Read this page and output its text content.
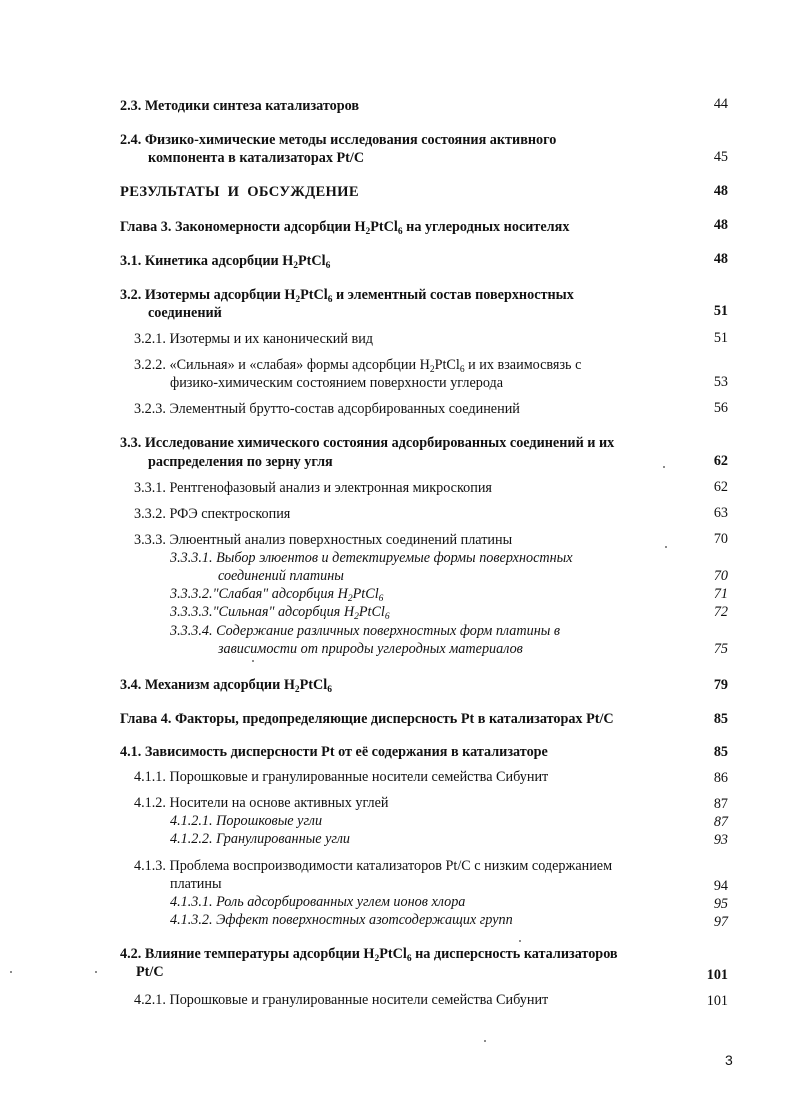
2.3. Методики синтеза катализаторов	44
2.4. Физико-химические методы исследования состояния активного
компонента в катализаторах Pt/C	45
РЕЗУЛЬТАТЫ И ОБСУЖДЕНИЕ	48
Глава 3. Закономерности адсорбции $H_2PtCl_6$ на углеродных носителях	48
3.1. Кинетика адсорбции $H_2PtCl_6$	48
3.2. Изотермы адсорбции $H_2PtCl_6$ и элементный состав поверхностных
соединений	51
3.2.1. Изотермы и их канонический вид	51
3.2.2. «Сильная» и «слабая» формы адсорбции $H_2PtCl_6$ и их взаимосвязь с
физико-химическим состоянием поверхности углерода	53
3.2.3. Элементный брутто-состав адсорбированных соединений	56
3.3. Исследование химического состояния адсорбированных соединений и их
распределения по зерну угля	62
3.3.1. Рентгенофазовый анализ и электронная микроскопия	62
3.3.2. РФЭ спектроскопия	63
3.3.3. Элюентный анализ поверхностных соединений платины	70
3.3.3.1. Выбор элюентов и детектируемые формы поверхностных
соединений платины	70
3.3.3.2."Слабая" адсорбция $H_2PtCl_6$	71
3.3.3.3."Сильная" адсорбция $H_2PtCl_6$	72
3.3.3.4. Содержание различных поверхностных форм платины в
зависимости от природы углеродных материалов	75
3.4. Механизм адсорбции $H_2PtCl_6$	79
Глава 4. Факторы, предопределяющие дисперсность Pt в катализаторах Pt/C	85
4.1. Зависимость дисперсности Pt от её содержания в катализаторе	85
4.1.1. Порошковые и гранулированные носители семейства Сибунит	86
4.1.2. Носители на основе активных углей	87
4.1.2.1. Порошковые угли	87
4.1.2.2. Гранулированные угли	93
4.1.3. Проблема воспроизводимости катализаторов Pt/C с низким содержанием
платины	94
4.1.3.1. Роль адсорбированных углем ионов хлора	95
4.1.3.2. Эффект поверхностных азотсодержащих групп	97
4.2. Влияние температуры адсорбции $H_2PtCl_6$ на дисперсность катализаторов
Pt/C	101
4.2.1. Порошковые и гранулированные носители семейства Сибунит	101
3
